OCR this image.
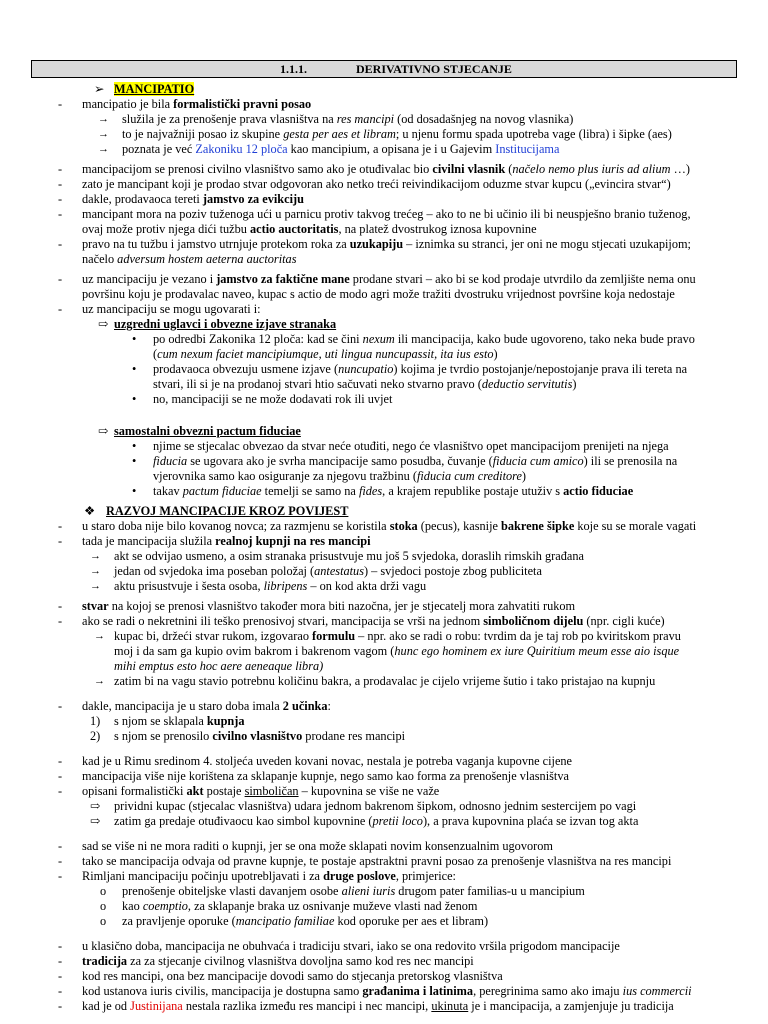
1.1.1.	DERIVATIVNO STJECANJE
➢ MANCIPATIO
- mancipatio je bila formalistički pravni posao
→ služila je za prenošenje prava vlasništva na res mancipi (od dosadašnjeg na novog vlasnika)
→ to je najvažniji posao iz skupine gesta per aes et libram; u njenu formu spada upotreba vage (libra) i šipke (aes)
→ poznata je već Zakoniku 12 ploča kao mancipium, a opisana je i u Gajevim Institucijama
- mancipacijom se prenosi civilno vlasništvo samo ako je otuđivalac bio civilni vlasnik (načelo nemo plus iuris ad alium …)
- zato je mancipant koji je prodao stvar odgovoran ako netko treći reivindikacijom oduzme stvar kupcu („evincira stvar“)
- dakle, prodavaoca tereti jamstvo za evikciju
- mancipant mora na poziv tuženoga ući u parnicu protiv takvog trećeg – ako to ne bi učinio ili bi neuspješno branio tuženog,
ovaj može protiv njega dići tužbu actio auctoritatis, na platež dvostrukog iznosa kupovnine
- pravo na tu tužbu i jamstvo utrnjuje protekom roka za uzukapiju – iznimka su stranci, jer oni ne mogu stjecati uzukapijom;
načelo adversum hostem aeterna auctoritas
- uz mancipaciju je vezano i jamstvo za faktične mane prodane stvari – ako bi se kod prodaje utvrdilo da zemljište nema onu
površinu koju je prodavalac naveo, kupac s actio de modo agri može tražiti dvostruku vrijednost površine koja nedostaje
- uz mancipaciju se mogu ugovarati i:
⇨ uzgredni uglavci i obvezne izjave stranaka
• po odredbi Zakonika 12 ploča: kad se čini nexum ili mancipacija, kako bude ugovoreno, tako neka bude pravo
(cum nexum faciet mancipiumque, uti lingua nuncupassit, ita ius esto)
• prodavaoca obvezuju usmene izjave (nuncupatio) kojima je tvrdio postojanje/nepostojanje prava ili tereta na
stvari, ili si je na prodanoj stvari htio sačuvati neko stvarno pravo (deductio servitutis)
• no, mancipaciji se ne može dodavati rok ili uvjet
⇨ samostalni obvezni pactum fiduciae
• njime se stjecalac obvezao da stvar neće otuđiti, nego će vlasništvo opet mancipacijom prenijeti na njega
• fiducia se ugovara ako je svrha mancipacije samo posudba, čuvanje (fiducia cum amico) ili se prenosila na
vjerovnika samo kao osiguranje za njegovu tražbinu (fiducia cum creditore)
• takav pactum fiduciae temelji se samo na fides, a krajem republike postaje utuživ s actio fiduciae
❖ RAZVOJ MANCIPACIJE KROZ POVIJEST
- u staro doba nije bilo kovanog novca; za razmjenu se koristila stoka (pecus), kasnije bakrene šipke koje su se morale vagati
- tada je mancipacija služila realnoj kupnji na res mancipi
→ akt se odvijao usmeno, a osim stranaka prisustvuje mu još 5 svjedoka, doraslih rimskih građana
→ jedan od svjedoka ima poseban položaj (antestatus) – svjedoci postoje zbog publiciteta
→ aktu prisustvuje i šesta osoba, libripens – on kod akta drži vagu
- stvar na kojoj se prenosi vlasništvo također mora biti nazočna, jer je stjecatelj mora zahvatiti rukom
- ako se radi o nekretnini ili teško prenosivoj stvari, mancipacija se vrši na jednom simboličnom dijelu (npr. cigli kuće)
→ kupac bi, držeći stvar rukom, izgovarao formulu – npr. ako se radi o robu: tvrdim da je taj rob po kviritskom pravu
moj i da sam ga kupio ovim bakrom i bakrenom vagom (hunc ego hominem ex iure Quiritium meum esse aio isque
mihi emptus esto hoc aere aeneaque libra)
→ zatim bi na vagu stavio potrebnu količinu bakra, a prodavalac je cijelo vrijeme šutio i tako pristajao na kupnju
- dakle, mancipacija je u staro doba imala 2 učinka:
1) s njom se sklapala kupnja
2) s njom se prenosilo civilno vlasništvo prodane res mancipi
- kad je u Rimu sredinom 4. stoljeća uveden kovani novac, nestala je potreba vaganja kupovne cijene
- mancipacija više nije korištena za sklapanje kupnje, nego samo kao forma za prenošenje vlasništva
- opisani formalistički akt postaje simboličan – kupovnina se više ne važe
⇨ prividni kupac (stjecalac vlasništva) udara jednom bakrenom šipkom, odnosno jednim sestercijem po vagi
⇨ zatim ga predaje otuđivaocu kao simbol kupovnine (pretii loco), a prava kupovnina plaća se izvan tog akta
- sad se više ni ne mora raditi o kupnji, jer se ona može sklapati novim konsenzualnim ugovorom
- tako se mancipacija odvaja od pravne kupnje, te postaje apstraktni pravni posao za prenošenje vlasništva na res mancipi
- Rimljani mancipaciju počinju upotrebljavati i za druge poslove, primjerice:
o prenošenje obiteljske vlasti davanjem osobe alieni iuris drugom pater familias-u u mancipium
o kao coemptio, za sklapanje braka uz osnivanje muževe vlasti nad ženom
o za pravljenje oporuke (mancipatio familiae kod oporuke per aes et libram)
- u klasično doba, mancipacija ne obuhvaća i tradiciju stvari, iako se ona redovito vršila prigodom mancipacije
- tradicija za za stjecanje civilnog vlasništva dovoljna samo kod res nec mancipi
- kod res mancipi, ona bez mancipacije dovodi samo do stjecanja pretorskog vlasništva
- kod ustanova iuris civilis, mancipacija je dostupna samo građanima i latinima, peregrinima samo ako imaju ius commercii
- kad je od Justinijana nestala razlika između res mancipi i nec mancipi, ukinuta je i mancipacija, a zamjenjuje ju tradicija
